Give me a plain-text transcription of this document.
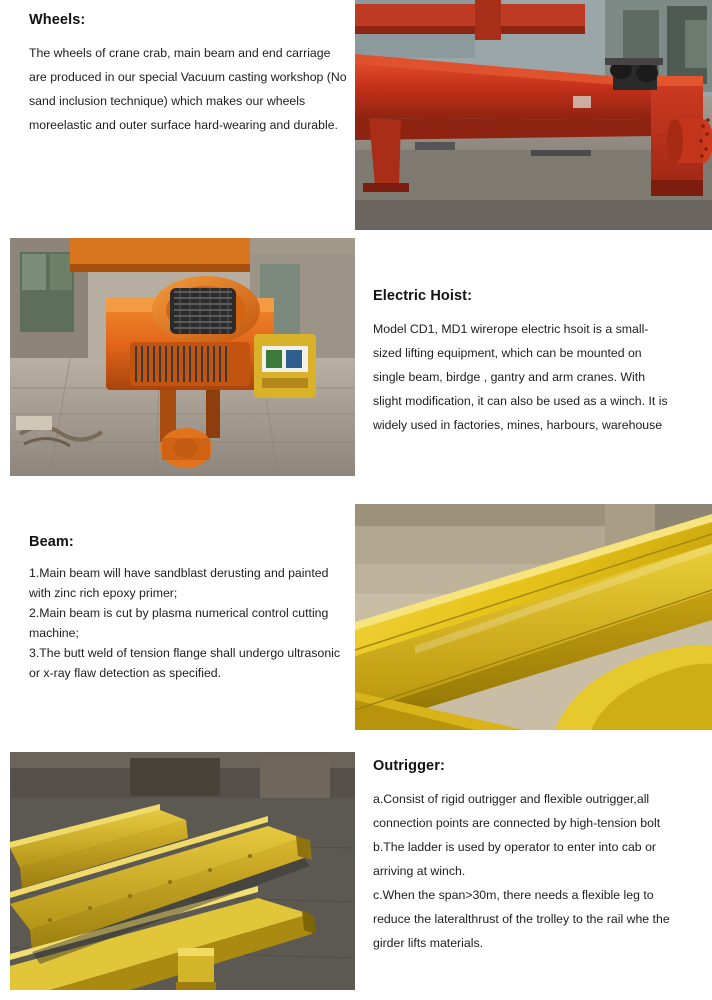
Wheels:
The wheels of crane crab, main beam and end carriage are produced in our special Vacuum casting workshop (No sand inclusion technique) which makes our wheels moreelastic and outer surface hard-wearing and durable.
Electric Hoist:
Model CD1, MD1 wirerope electric hsoit is a small-sized lifting equipment, which can be mounted on single beam, birdge , gantry and arm cranes. With slight modification, it can also be used as a winch. It is widely used in factories, mines, harbours, warehouse
Beam:
1.Main beam will have sandblast derusting and painted
with zinc rich epoxy primer;
2.Main beam is cut by plasma numerical control cutting
machine;
3.The butt weld of tension flange shall undergo ultrasonic
or x-ray flaw detection as specified.
Outrigger:
a.Consist of rigid outrigger and flexible outrigger,all
connection points are connected by high-tension bolt
b.The ladder is used by operator to enter into cab or
arriving at winch.
c.When the span>30m, there needs a flexible leg to
reduce the lateralthrust of the trolley to the rail whe the
girder lifts materials.
